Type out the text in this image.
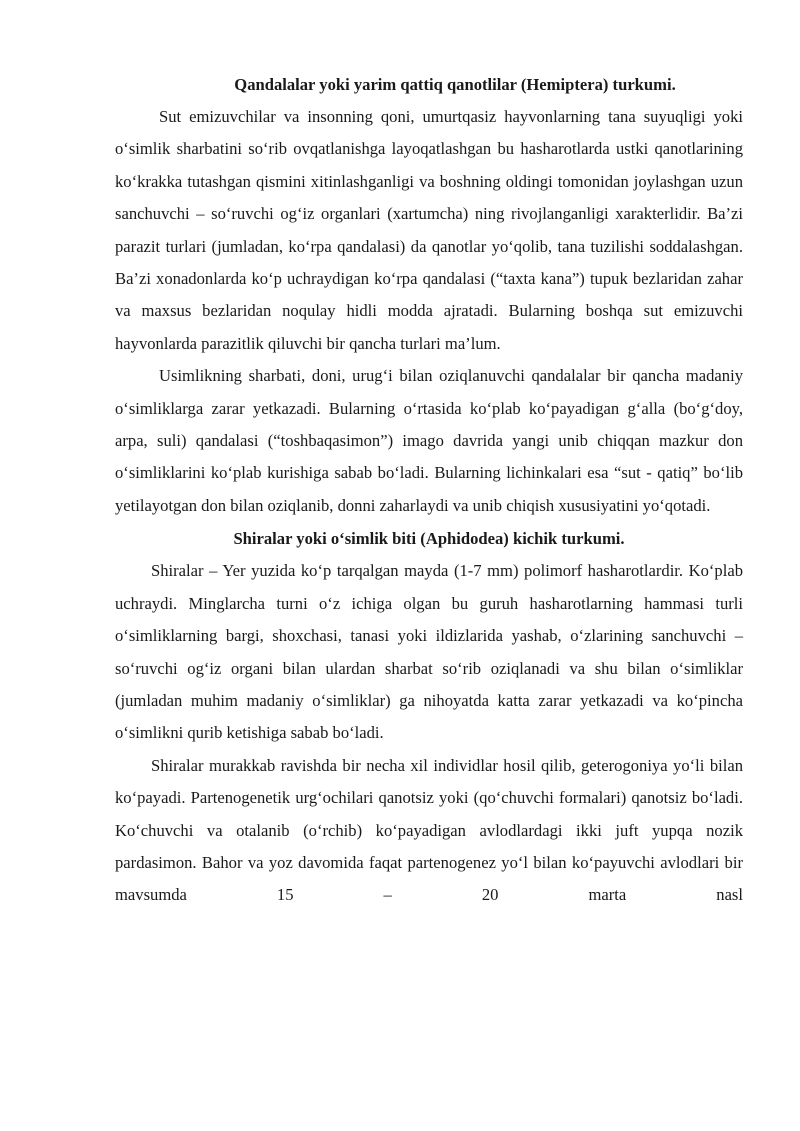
Qandalalar yoki yarim qattiq qanotlilar (Hemiptera) turkumi.

Sut emizuvchilar va insonning qoni, umurtqasiz hayvonlarning tana suyuqligi yoki o‘simlik sharbatini so‘rib ovqatlanishga layoqatlashgan bu hasharotlarda ustki qanotlarining ko‘krakka tutashgan qismini xitinlashganligi va boshning oldingi tomonidan joylashgan uzun sanchuvchi – so‘ruvchi og‘iz organlari (xartumcha) ning rivojlanganligi xarakterlidir. Ba’zi parazit turlari (jumladan, ko‘rpa qandalasi) da qanotlar yo‘qolib, tana tuzilishi soddalashgan. Ba’zi xonadonlarda ko‘p uchraydigan ko‘rpa qandalasi (“taxta kana”) tupuk bezlaridan zahar va maxsus bezlaridan noqulay hidli modda ajratadi. Bularning boshqa sut emizuvchi hayvonlarda parazitlik qiluvchi bir qancha turlari ma’lum.

Usimlikning sharbati, doni, urug‘i bilan oziqlanuvchi qandalalar bir qancha madaniy o‘simliklarga zarar yetkazadi. Bularning o‘rtasida ko‘plab ko‘payadigan g‘alla (bo‘g‘doy, arpa, suli) qandalasi (“toshbaqasimon”) imago davrida yangi unib chiqqan mazkur don o‘simliklarini ko‘plab kurishiga sabab bo‘ladi. Bularning lichinkalari esa “sut - qatiq” bo‘lib yetilayotgan don bilan oziqlanib, donni zaharlaydi va unib chiqish xususiyatini yo‘qotadi.

Shiralar yoki o‘simlik biti (Aphidodea) kichik turkumi.

Shiralar – Yer yuzida ko‘p tarqalgan mayda (1-7 mm) polimorf hasharotlardir. Ko‘plab uchraydi. Minglarcha turni o‘z ichiga olgan bu guruh hasharotlarning hammasi turli o‘simliklarning bargi, shoxchasi, tanasi yoki ildizlarida yashab, o‘zlarining sanchuvchi – so‘ruvchi og‘iz organi bilan ulardan sharbat so‘rib oziqlanadi va shu bilan o‘simliklar (jumladan muhim madaniy o‘simliklar) ga nihoyatda katta zarar yetkazadi va ko‘pincha o‘simlikni qurib ketishiga sabab bo‘ladi.

Shiralar murakkab ravishda bir necha xil individlar hosil qilib, geterogoniya yo‘li bilan ko‘payadi. Partenogenetik urg‘ochilari qanotsiz yoki (qo‘chuvchi formalari) qanotsiz bo‘ladi. Ko‘chuvchi va otalanib (o‘rchib) ko‘payadigan avlodlardagi ikki juft yupqa nozik pardasimon. Bahor va yoz davomida faqat partenogenez yo‘l bilan ko‘payuvchi avlodlari bir mavsumda 15 – 20 marta nasl
